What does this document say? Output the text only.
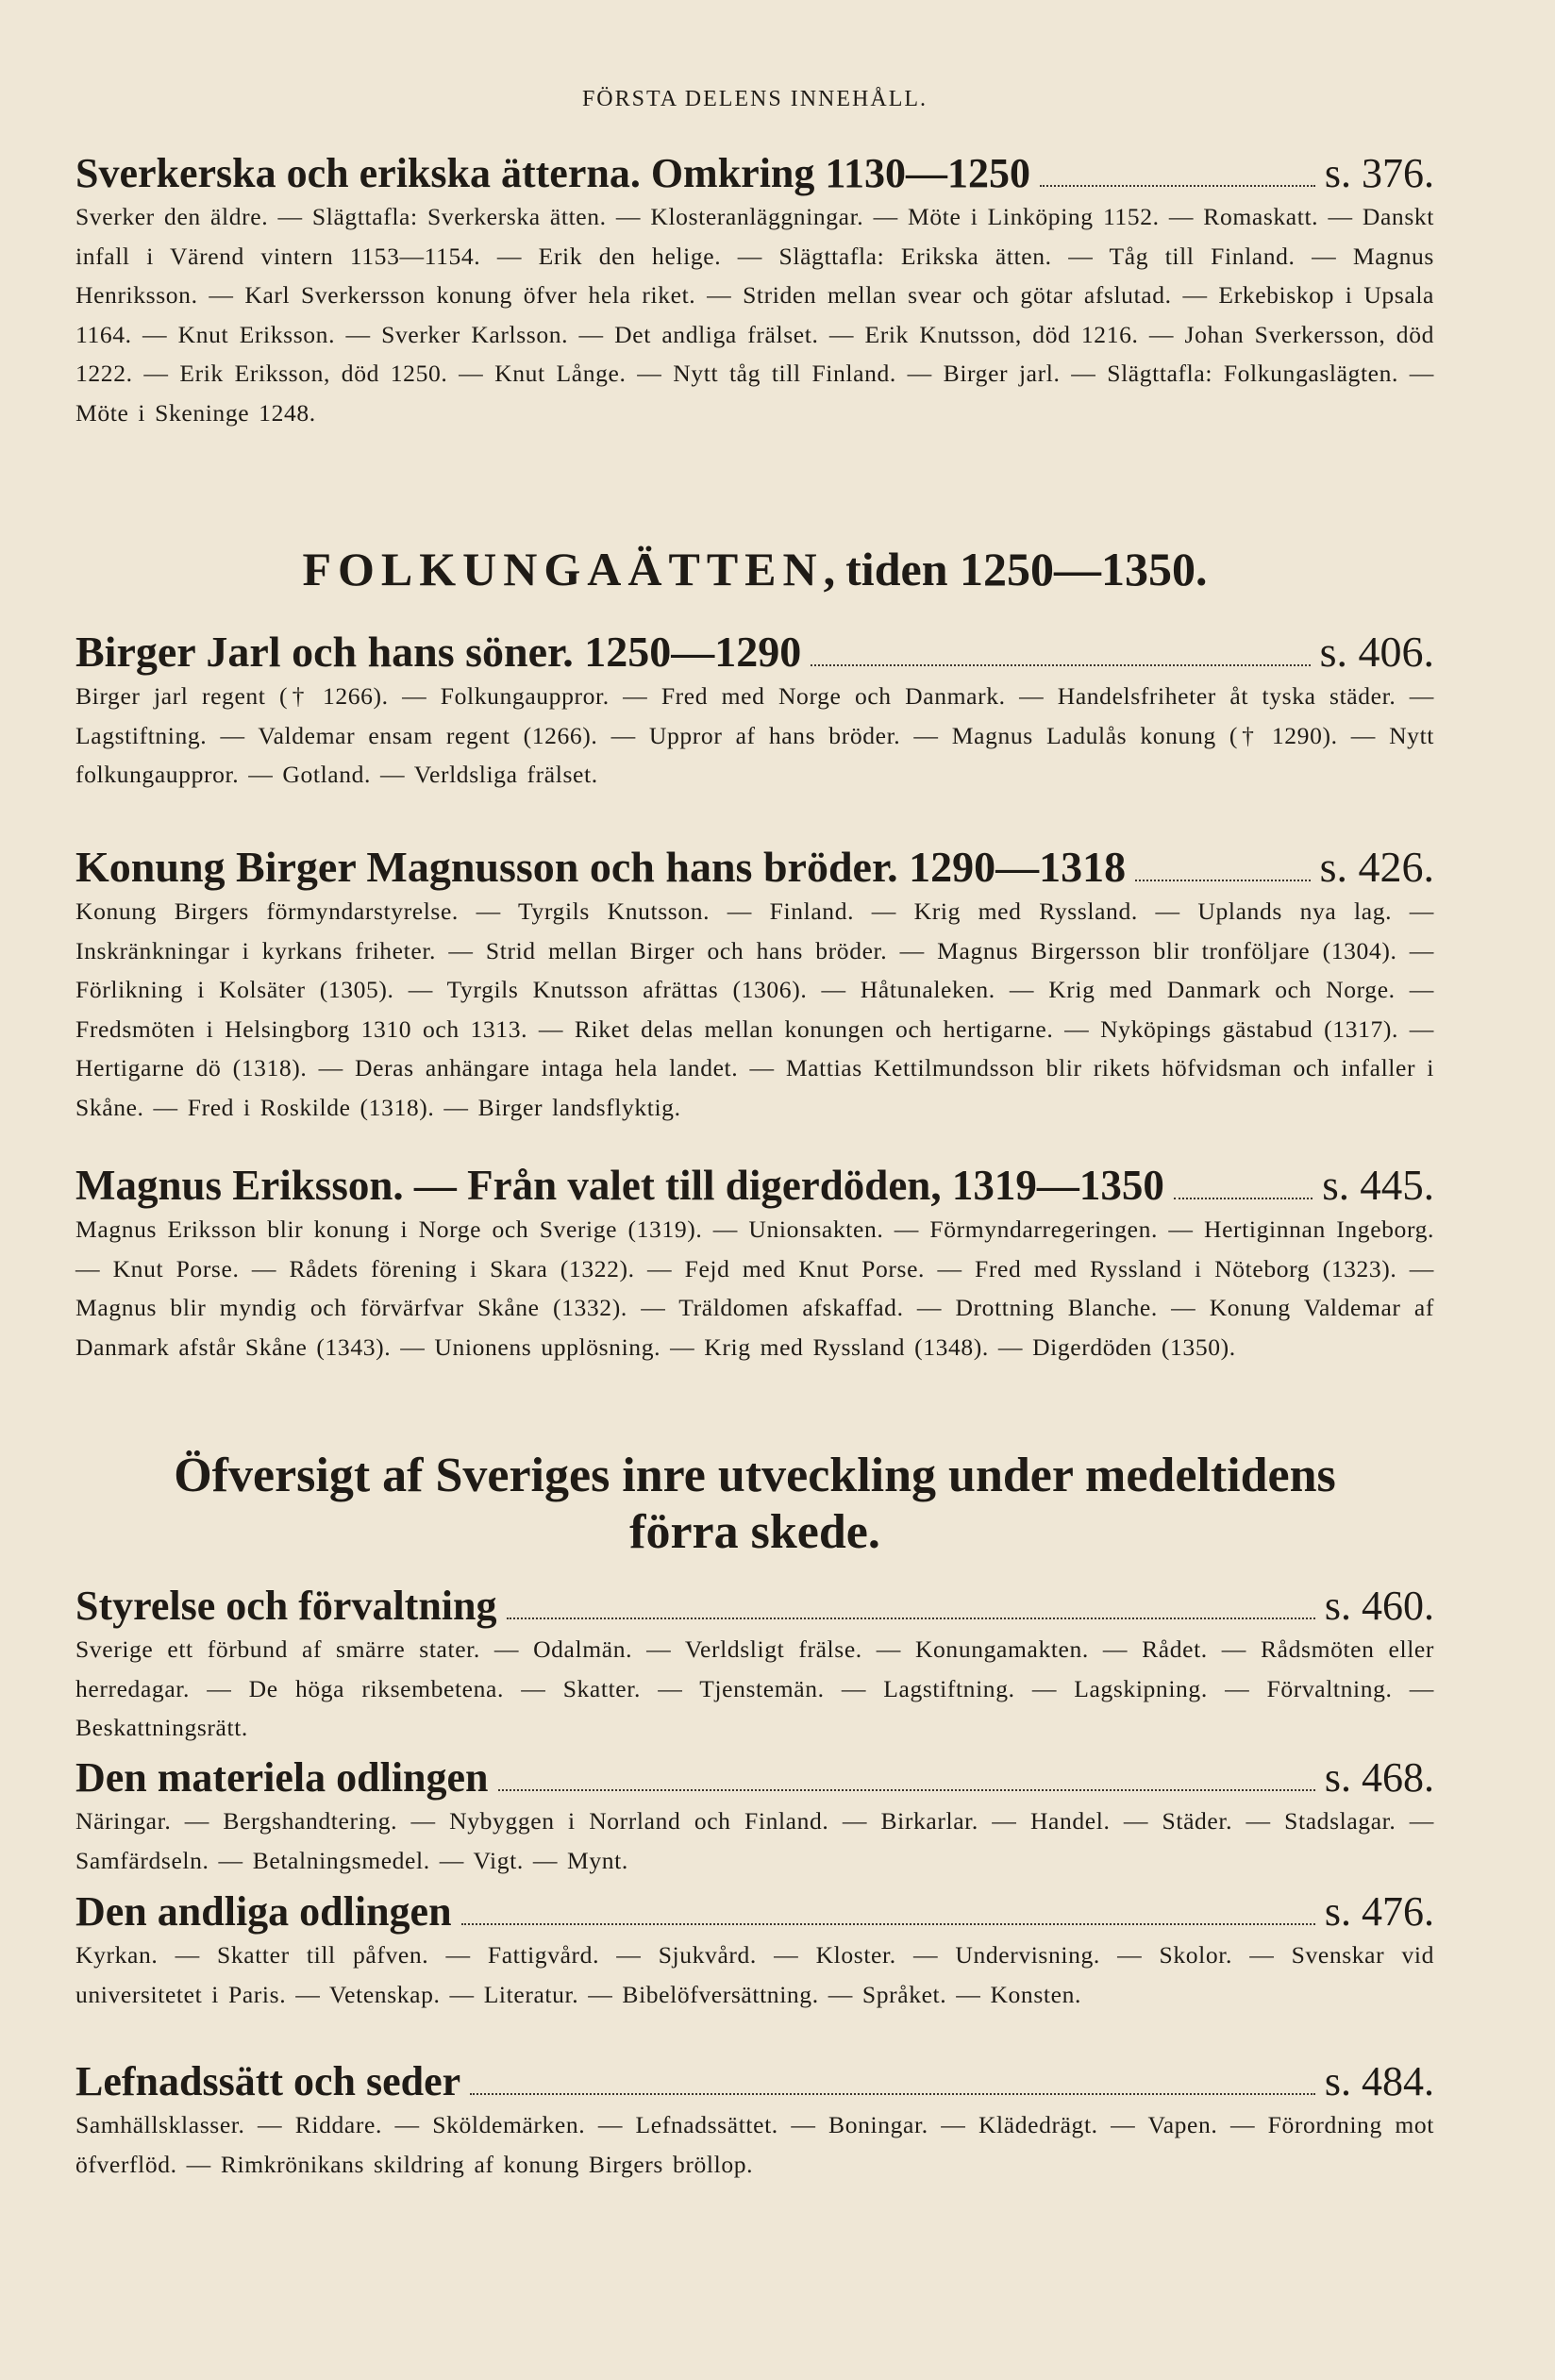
FÖRSTA DELENS INNEHÅLL.
Sverkerska och erikska ätterna. Omkring 1130—1250	s. 376.
Sverker den äldre. — Slägttafla: Sverkerska ätten. — Klosteranläggningar. — Möte i Linköping 1152. — Romaskatt. — Danskt infall i Värend vintern 1153—1154. — Erik den helige. — Slägttafla: Erikska ätten. — Tåg till Finland. — Magnus Henriksson. — Karl Sverkersson konung öfver hela riket. — Striden mellan svear och götar afslutad. — Erkebiskop i Upsala 1164. — Knut Eriksson. — Sverker Karlsson. — Det andliga frälset. — Erik Knutsson, död 1216. — Johan Sverkersson, död 1222. — Erik Eriksson, död 1250. — Knut Långe. — Nytt tåg till Finland. — Birger jarl. — Slägttafla: Folkungaslägten. — Möte i Skeninge 1248.
FOLKUNGAÄTTEN, tiden 1250—1350.
Birger Jarl och hans söner. 1250—1290	s. 406.
Birger jarl regent († 1266). — Folkungauppror. — Fred med Norge och Danmark. — Handelsfriheter åt tyska städer. — Lagstiftning. — Valdemar ensam regent (1266). — Uppror af hans bröder. — Magnus Ladulås konung († 1290). — Nytt folkungauppror. — Gotland. — Verldsliga frälset.
Konung Birger Magnusson och hans bröder. 1290—1318	s. 426.
Konung Birgers förmyndarstyrelse. — Tyrgils Knutsson. — Finland. — Krig med Ryssland. — Uplands nya lag. — Inskränkningar i kyrkans friheter. — Strid mellan Birger och hans bröder. — Magnus Birgersson blir tronföljare (1304). — Förlikning i Kolsäter (1305). — Tyrgils Knutsson afrättas (1306). — Håtunaleken. — Krig med Danmark och Norge. — Fredsmöten i Helsingborg 1310 och 1313. — Riket delas mellan konungen och hertigarne. — Nyköpings gästabud (1317). — Hertigarne dö (1318). — Deras anhängare intaga hela landet. — Mattias Kettilmundsson blir rikets höfvidsman och infaller i Skåne. — Fred i Roskilde (1318). — Birger landsflyktig.
Magnus Eriksson. — Från valet till digerdöden, 1319—1350	s. 445.
Magnus Eriksson blir konung i Norge och Sverige (1319). — Unionsakten. — Förmyndarregeringen. — Hertiginnan Ingeborg. — Knut Porse. — Rådets förening i Skara (1322). — Fejd med Knut Porse. — Fred med Ryssland i Nöteborg (1323). — Magnus blir myndig och förvärfvar Skåne (1332). — Träldomen afskaffad. — Drottning Blanche. — Konung Valdemar af Danmark afstår Skåne (1343). — Unionens upplösning. — Krig med Ryssland (1348). — Digerdöden (1350).
Öfversigt af Sveriges inre utveckling under medeltidens
förra skede.
Styrelse och förvaltning	s. 460.
Sverige ett förbund af smärre stater. — Odalmän. — Verldsligt frälse. — Konungamakten. — Rådet. — Rådsmöten eller herredagar. — De höga riksembetena. — Skatter. — Tjenstemän. — Lagstiftning. — Lagskipning. — Förvaltning. — Beskattningsrätt.
Den materiela odlingen	s. 468.
Näringar. — Bergshandtering. — Nybyggen i Norrland och Finland. — Birkarlar. — Handel. — Städer. — Stadslagar. — Samfärdseln. — Betalningsmedel. — Vigt. — Mynt.
Den andliga odlingen	s. 476.
Kyrkan. — Skatter till påfven. — Fattigvård. — Sjukvård. — Kloster. — Undervisning. — Skolor. — Svenskar vid universitetet i Paris. — Vetenskap. — Literatur. — Bibelöfversättning. — Språket. — Konsten.
Lefnadssätt och seder	s. 484.
Samhällsklasser. — Riddare. — Sköldemärken. — Lefnadssättet. — Boningar. — Klädedrägt. — Vapen. — Förordning mot öfverflöd. — Rimkrönikans skildring af konung Birgers bröllop.
